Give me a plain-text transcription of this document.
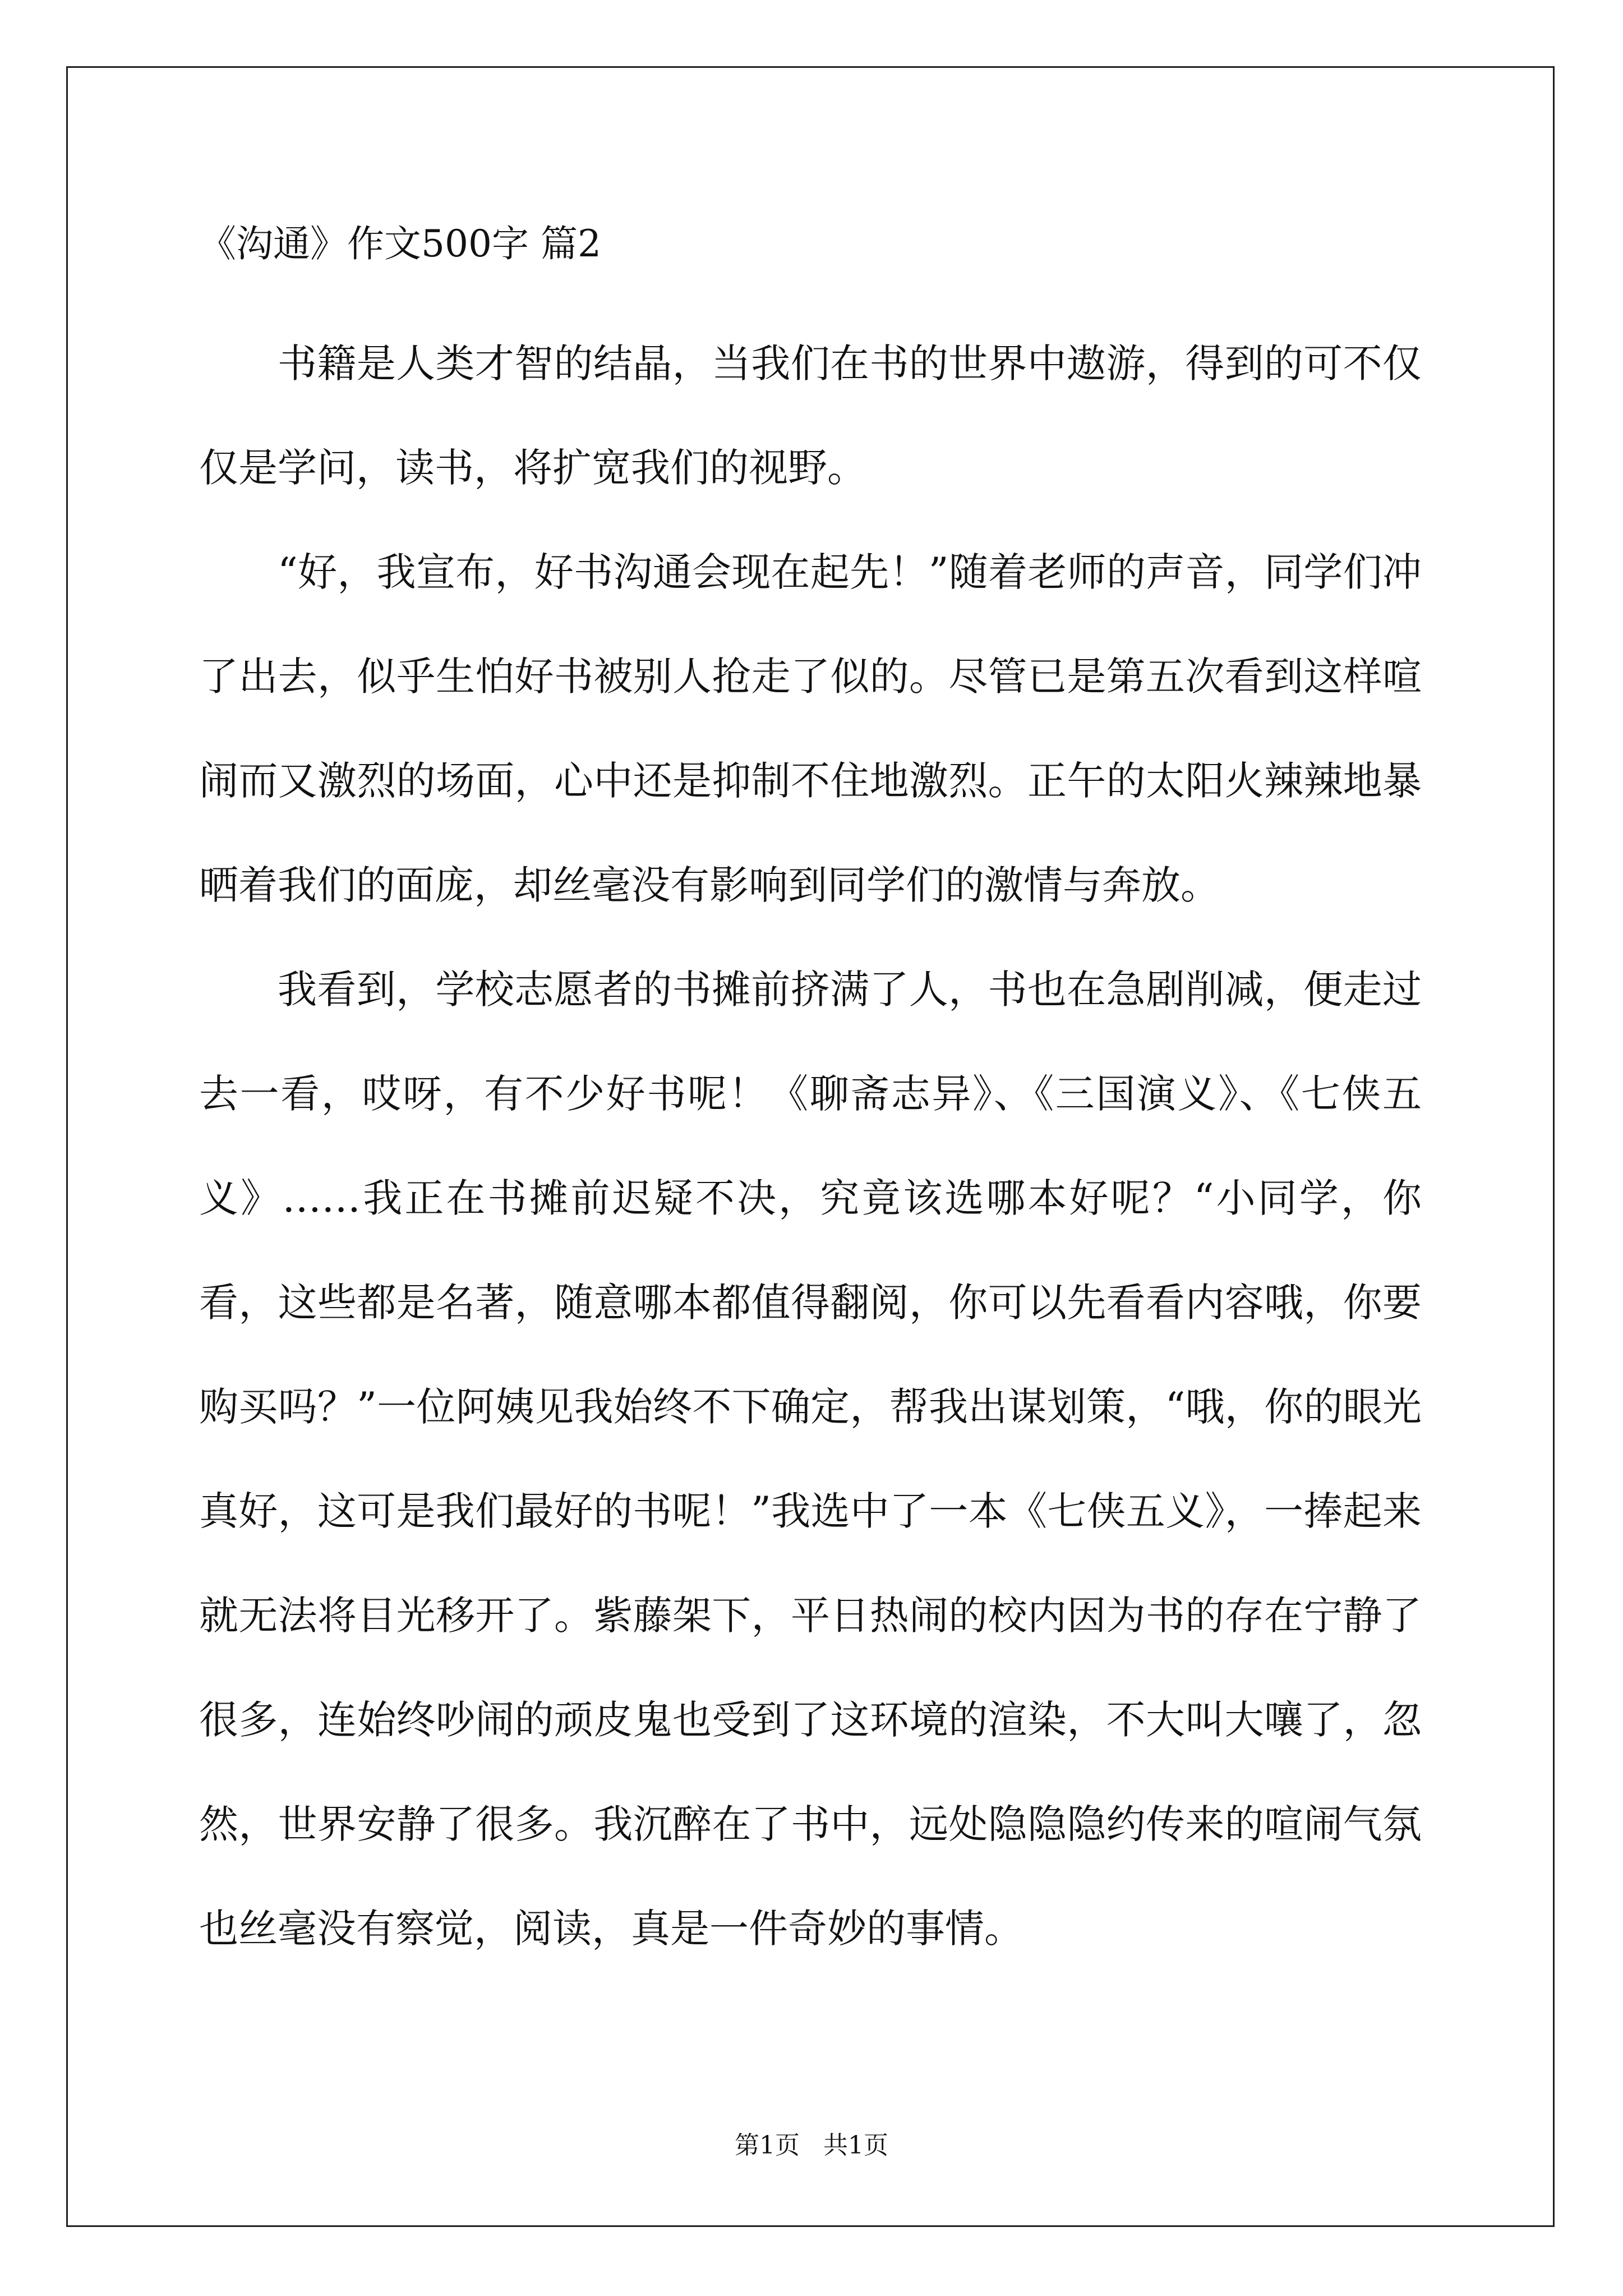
《沟通》作文500字 篇2

书籍是人类才智的结晶，当我们在书的世界中遨游，得到的可不仅仅是学问，读书，将扩宽我们的视野。

“好，我宣布，好书沟通会现在起先！”随着老师的声音，同学们冲了出去，似乎生怕好书被别人抢走了似的。尽管已是第五次看到这样喧闹而又激烈的场面，心中还是抑制不住地激烈。正午的太阳火辣辣地暴晒着我们的面庞，却丝毫没有影响到同学们的激情与奔放。

我看到，学校志愿者的书摊前挤满了人，书也在急剧削减，便走过去一看，哎呀，有不少好书呢！《聊斋志异》、《三国演义》、《七侠五义》……我正在书摊前迟疑不决，究竟该选哪本好呢？“小同学，你看，这些都是名著，随意哪本都值得翻阅，你可以先看看内容哦，你要购买吗？”一位阿姨见我始终不下确定，帮我出谋划策，“哦，你的眼光真好，这可是我们最好的书呢！”我选中了一本《七侠五义》，一捧起来就无法将目光移开了。紫藤架下，平日热闹的校内因为书的存在宁静了很多，连始终吵闹的顽皮鬼也受到了这环境的渲染，不大叫大嚷了，忽然，世界安静了很多。我沉醉在了书中，远处隐隐隐约传来的喧闹气氛也丝毫没有察觉，阅读，真是一件奇妙的事情。

第1页   共1页
